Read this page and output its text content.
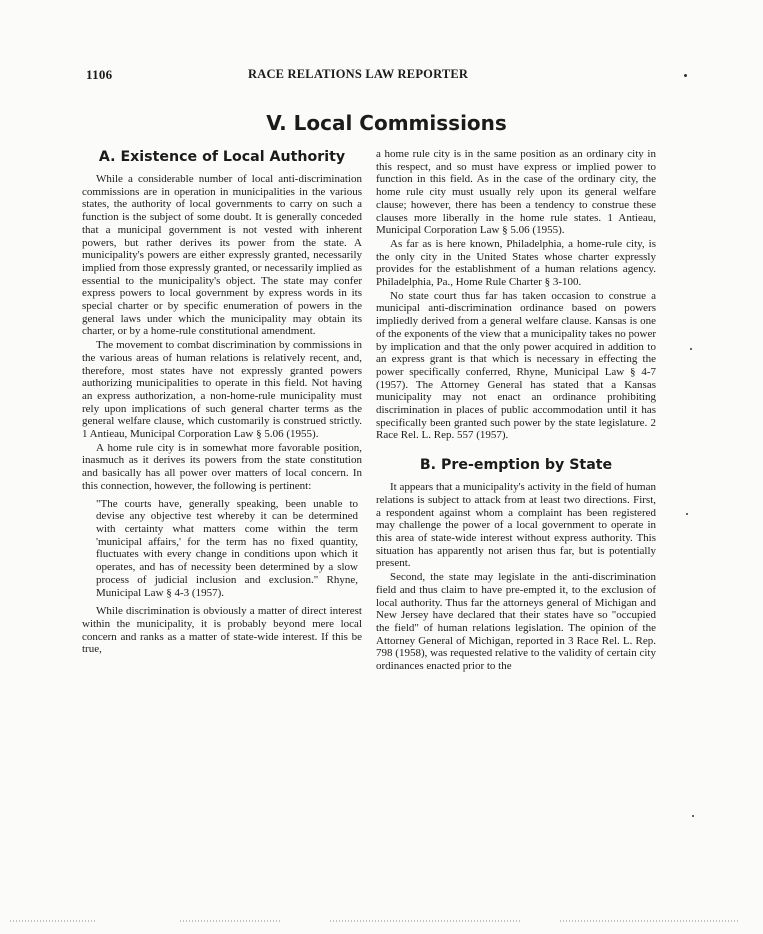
1106	RACE RELATIONS LAW REPORTER
V. Local Commissions
A. Existence of Local Authority

While a considerable number of local anti-discrimination commissions are in operation in municipalities in the various states, the authority of local governments to carry on such a function is the subject of some doubt. It is generally conceded that a municipal government is not vested with inherent powers, but rather derives its power from the state. A municipality's powers are either expressly granted, necessarily implied from those expressly granted, or necessarily implied as essential to the municipality's object. The state may confer express powers to local government by express words in its special charter or by specific enumeration of powers in the general laws under which the municipality may obtain its charter, or by a home-rule constitutional amendment.

The movement to combat discrimination by commissions in the various areas of human relations is relatively recent, and, therefore, most states have not expressly granted powers authorizing municipalities to operate in this field. Not having an express authorization, a non-home-rule municipality must rely upon implications of such general charter terms as the general welfare clause, which customarily is construed strictly. 1 Antieau, Municipal Corporation Law § 5.06 (1955).

A home rule city is in somewhat more favorable position, inasmuch as it derives its powers from the state constitution and basically has all power over matters of local concern. In this connection, however, the following is pertinent:

"The courts have, generally speaking, been unable to devise any objective test whereby it can be determined with certainty what matters come within the term 'municipal affairs,' for the term has no fixed quantity, fluctuates with every change in conditions upon which it operates, and has of necessity been determined by a slow process of judicial inclusion and exclusion." Rhyne, Municipal Law § 4-3 (1957).

While discrimination is obviously a matter of direct interest within the municipality, it is probably beyond mere local concern and ranks as a matter of state-wide interest. If this be true,

a home rule city is in the same position as an ordinary city in this respect, and so must have express or implied power to function in this field. As in the case of the ordinary city, the home rule city must usually rely upon its general welfare clause; however, there has been a tendency to construe these clauses more liberally in the home rule states. 1 Antieau, Municipal Corporation Law § 5.06 (1955).

As far as is here known, Philadelphia, a home-rule city, is the only city in the United States whose charter expressly provides for the establishment of a human relations agency. Philadelphia, Pa., Home Rule Charter § 3-100.

No state court thus far has taken occasion to construe a municipal anti-discrimination ordinance based on powers impliedly derived from a general welfare clause. Kansas is one of the exponents of the view that a municipality takes no power by implication and that the only power acquired in addition to an express grant is that which is necessary in effecting the power specifically conferred, Rhyne, Municipal Law § 4-7 (1957). The Attorney General has stated that a Kansas municipality may not enact an ordinance prohibiting discrimination in places of public accommodation until it has specifically been granted such power by the state legislature. 2 Race Rel. L. Rep. 557 (1957).

B. Pre-emption by State

It appears that a municipality's activity in the field of human relations is subject to attack from at least two directions. First, a respondent against whom a complaint has been registered may challenge the power of a local government to operate in this area of state-wide interest without express authority. This situation has apparently not arisen thus far, but is potentially present.

Second, the state may legislate in the anti-discrimination field and thus claim to have pre-empted it, to the exclusion of local authority. Thus far the attorneys general of Michigan and New Jersey have declared that their states have so "occupied the field" of human relations legislation. The opinion of the Attorney General of Michigan, reported in 3 Race Rel. L. Rep. 798 (1958), was requested relative to the validity of certain city ordinances enacted prior to the
